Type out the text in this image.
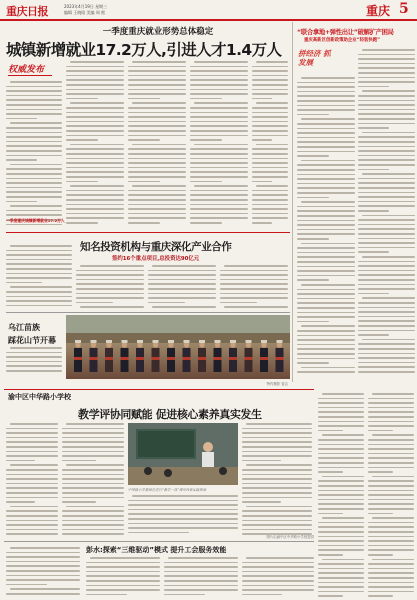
重庆日报	2023年4月19日 星期三
编辑 王晓阳 美编 周 熙	重庆 5
一季度重庆就业形势总体稳定
城镇新增就业17.2万人,引进人才1.4万人
权威发布
一季度重庆城镇新增就业17.2万人
“联合拿地+弹性出让”破解扩产困局
重庆高新区创新政策助企业“轻装快跑”
拼经济 抓发展
知名投资机构与重庆深化产业合作
签约16个重点项目,总投资达90亿元
乌江苗族
踩花山节开幕
特约摄影 曾志
渝中区中华路小学校
教学评协同赋能 促进核心素养真实发生
中华路小学教师在进行“教学一体”课堂改革实践探索
图片由渝中区中华路小学校提供
彭水:探索“三维驱动”模式 提升工会服务效能
